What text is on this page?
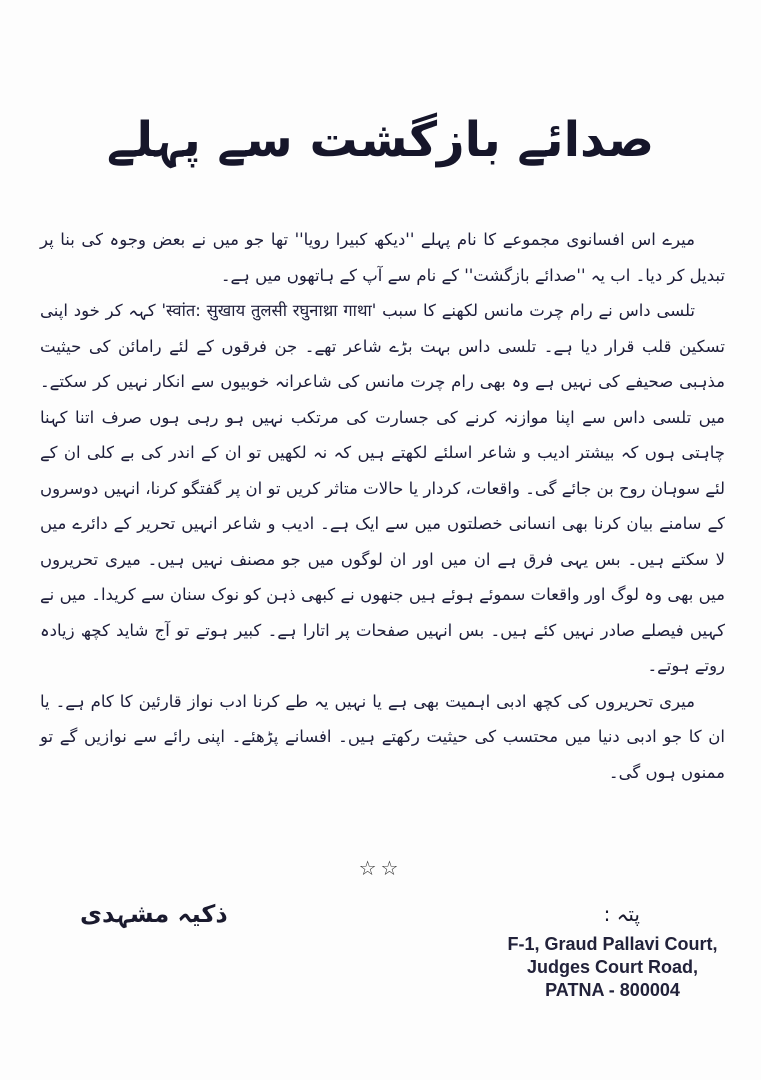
صدائے بازگشت سے پہلے

میرے اس افسانوی مجموعے کا نام پہلے ''دیکھ کبیرا رویا'' تھا جو میں نے بعض وجوہ کی بنا پر تبدیل کر دیا۔ اب یہ ''صدائے بازگشت'' کے نام سے آپ کے ہاتھوں میں ہے۔

تلسی داس نے رام چرت مانس لکھنے کا سبب 'स्वांत: सुखाय तुलसी रघुनाथ्रा गाथा' کہہ کر خود اپنی تسکین قلب قرار دیا ہے۔ تلسی داس بہت بڑے شاعر تھے۔ جن فرقوں کے لئے رامائن کی حیثیت مذہبی صحیفے کی نہیں ہے وہ بھی رام چرت مانس کی شاعرانہ خوبیوں سے انکار نہیں کر سکتے۔ میں تلسی داس سے اپنا موازنہ کرنے کی جسارت کی مرتکب نہیں ہو رہی ہوں صرف اتنا کہنا چاہتی ہوں کہ بیشتر ادیب و شاعر اسلئے لکھتے ہیں کہ نہ لکھیں تو ان کے اندر کی بے کلی ان کے لئے سوہان روح بن جائے گی۔ واقعات، کردار یا حالات متاثر کریں تو ان پر گفتگو کرنا، انہیں دوسروں کے سامنے بیان کرنا بھی انسانی خصلتوں میں سے ایک ہے۔ ادیب و شاعر انہیں تحریر کے دائرے میں لا سکتے ہیں۔ بس یہی فرق ہے ان میں اور ان لوگوں میں جو مصنف نہیں ہیں۔ میری تحریروں میں بھی وہ لوگ اور واقعات سموئے ہوئے ہیں جنھوں نے کبھی ذہن کو نوک سنان سے کریدا۔ میں نے کہیں فیصلے صادر نہیں کئے ہیں۔ بس انہیں صفحات پر اتارا ہے۔ کبیر ہوتے تو آج شاید کچھ زیادہ روتے ہوتے۔

میری تحریروں کی کچھ ادبی اہمیت بھی ہے یا نہیں یہ طے کرنا ادب نواز قارئین کا کام ہے۔ یا ان کا جو ادبی دنیا میں محتسب کی حیثیت رکھتے ہیں۔ افسانے پڑھئے۔ اپنی رائے سے نوازیں گے تو ممنوں ہوں گی۔

☆☆
ذکیہ مشہدی	پتہ :
F-1, Graud Pallavi Court,
Judges Court Road,
PATNA - 800004
